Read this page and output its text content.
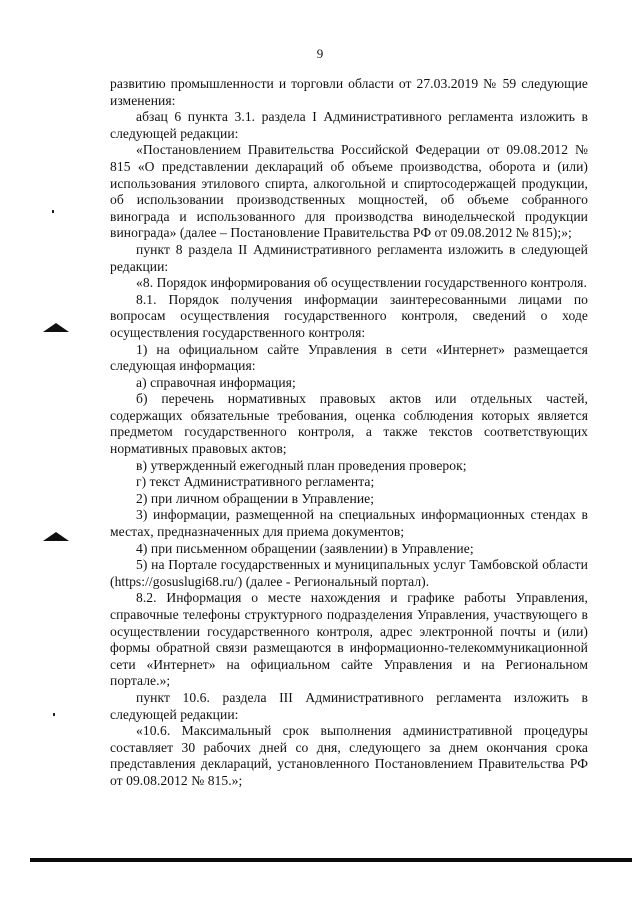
9

развитию промышленности и торговли области от 27.03.2019 № 59 следующие изменения:

абзац 6 пункта 3.1. раздела I Административного регламента изложить в следующей редакции:

«Постановлением Правительства Российской Федерации от 09.08.2012 № 815 «О представлении деклараций об объеме производства, оборота и (или) использования этилового спирта, алкогольной и спиртосодержащей продукции, об использовании производственных мощностей, об объеме собранного винограда и использованного для производства винодельческой продукции винограда» (далее – Постановление Правительства РФ от 09.08.2012 № 815);»;

пункт 8 раздела II Административного регламента изложить в следующей редакции:

«8. Порядок информирования об осуществлении государственного контроля.

8.1. Порядок получения информации заинтересованными лицами по вопросам осуществления государственного контроля, сведений о ходе осуществления государственного контроля:

1) на официальном сайте Управления в сети «Интернет» размещается следующая информация:

а) справочная информация;

б) перечень нормативных правовых актов или отдельных частей, содержащих обязательные требования, оценка соблюдения которых является предметом государственного контроля, а также текстов соответствующих нормативных правовых актов;

в) утвержденный ежегодный план проведения проверок;

г) текст Административного регламента;

2) при личном обращении в Управление;

3) информации, размещенной на специальных информационных стендах в местах, предназначенных для приема документов;

4) при письменном обращении (заявлении) в Управление;

5) на Портале государственных и муниципальных услуг Тамбовской области (https://gosuslugi68.ru/) (далее - Региональный портал).

8.2. Информация о месте нахождения и графике работы Управления, справочные телефоны структурного подразделения Управления, участвующего в осуществлении государственного контроля, адрес электронной почты и (или) формы обратной связи размещаются в информационно-телекоммуникационной сети «Интернет» на официальном сайте Управления и на Региональном портале.»;

пункт 10.6. раздела III Административного регламента изложить в следующей редакции:

«10.6. Максимальный срок выполнения административной процедуры составляет 30 рабочих дней со дня, следующего за днем окончания срока представления деклараций, установленного Постановлением Правительства РФ от 09.08.2012 № 815.»;
